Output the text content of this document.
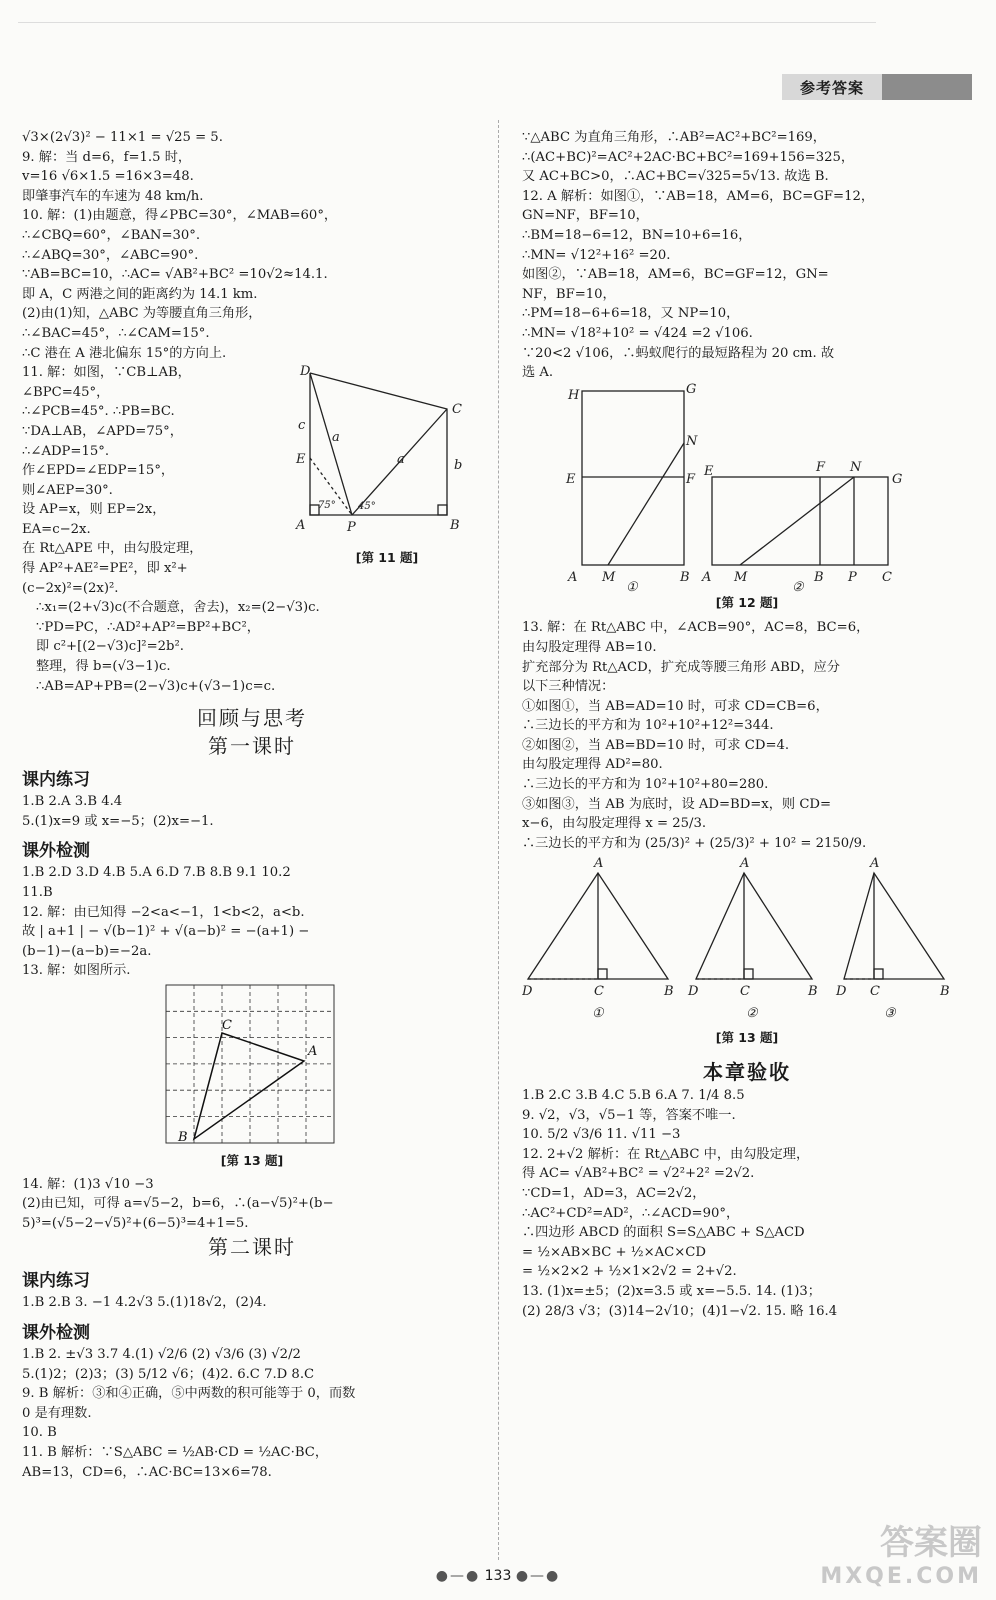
参考答案
√3×(2√3)² − 11×1 = √25 = 5.
9. 解：当 d=6，f=1.5 时，
v=16 √6×1.5 =16×3=48.
即肇事汽车的车速为 48 km/h.
10. 解：(1)由题意，得∠PBC=30°，∠MAB=60°，
∴∠CBQ=60°，∠BAN=30°.
∴∠ABQ=30°，∠ABC=90°.
∵AB=BC=10，∴AC= √AB²+BC² =10√2≈14.1.
即 A，C 两港之间的距离约为 14.1 km.
(2)由(1)知，△ABC 为等腰直角三角形，
∴∠BAC=45°，∴∠CAM=15°.
∴C 港在 A 港北偏东 15°的方向上.
11. 解：如图，∵CB⊥AB，
∠BPC=45°，
∴∠PCB=45°. ∴PB=BC.
∵DA⊥AB，∠APD=75°，
∴∠ADP=15°.
作∠EPD=∠EDP=15°，
则∠AEP=30°.
设 AP=x，则 EP=2x，
EA=c−2x.
在 Rt△APE 中，由勾股定理，
得 AP²+AE²=PE²，即 x²+
(c−2x)²=(2x)².
D
C
c
a
a	b
E
75° 45°
A	P	B
[第 11 题]
∴x₁=(2+√3)c(不合题意，舍去)，x₂=(2−√3)c.
∵PD=PC，∴AD²+AP²=BP²+BC²，
即 c²+[(2−√3)c]²=2b².
整理，得 b=(√3−1)c.
∴AB=AP+PB=(2−√3)c+(√3−1)c=c.
回顾与思考
第一课时
课内练习
1.B 2.A 3.B 4.4
5.(1)x=9 或 x=−5；(2)x=−1.
课外检测
1.B 2.D 3.D 4.B 5.A 6.D 7.B 8.B 9.1 10.2
11.B
12. 解：由已知得 −2<a<−1，1<b<2，a<b.
故 | a+1 | − √(b−1)² + √(a−b)² = −(a+1) −
(b−1)−(a−b)=−2a.
13. 解：如图所示.
C
A
B
[第 13 题]
14. 解：(1)3 √10 −3
(2)由已知，可得 a=√5−2，b=6，∴(a−√5)²+(b−
5)³=(√5−2−√5)²+(6−5)³=4+1=5.
第二课时
课内练习
1.B 2.B 3. −1 4.2√3 5.(1)18√2，(2)4.
课外检测
1.B 2. ±√3 3.7 4.(1) √2/6 (2) √3/6 (3) √2/2
5.(1)2；(2)3；(3) 5/12 √6；(4)2. 6.C 7.D 8.C
9. B 解析：③和④正确，⑤中两数的积可能等于 0，而数
0 是有理数.
10. B
11. B 解析：∵S△ABC = ½AB·CD = ½AC·BC，
AB=13，CD=6，∴AC·BC=13×6=78.
∵△ABC 为直角三角形，∴AB²=AC²+BC²=169，
∴(AC+BC)²=AC²+2AC·BC+BC²=169+156=325，
又 AC+BC>0，∴AC+BC=√325=5√13. 故选 B.
12. A 解析：如图①，∵AB=18，AM=6，BC=GF=12，
GN=NF，BF=10，
∴BM=18−6=12，BN=10+6=16，
∴MN= √12²+16² =20.
如图②，∵AB=18，AM=6，BC=GF=12，GN=
NF，BF=10，
∴PM=18−6+6=18，又 NP=10，
∴MN= √18²+10² = √424 =2 √106.
∵20<2 √106，∴蚂蚁爬行的最短路程为 20 cm. 故
选 A.
H	G
N
E	F
A M	B
①
E	F N
G
A M	B P C
②
[第 12 题]
13. 解：在 Rt△ABC 中，∠ACB=90°，AC=8，BC=6，
由勾股定理得 AB=10.
扩充部分为 Rt△ACD，扩充成等腰三角形 ABD，应分
以下三种情况：
①如图①，当 AB=AD=10 时，可求 CD=CB=6，
∴三边长的平方和为 10²+10²+12²=344.
②如图②，当 AB=BD=10 时，可求 CD=4.
由勾股定理得 AD²=80.
∴三边长的平方和为 10²+10²+80=280.
③如图③，当 AB 为底时，设 AD=BD=x，则 CD=
x−6，由勾股定理得 x = 25/3.
∴三边长的平方和为 (25/3)² + (25/3)² + 10² = 2150/9.
A
D	C	B
①
A
D	C	B
②
A
D C	B
③
[第 13 题]
本章验收
1.B 2.C 3.B 4.C 5.B 6.A 7. 1/4 8.5
9. √2，√3，√5−1 等，答案不唯一.
10. 5/2 √3/6 11. √11 −3
12. 2+√2 解析：在 Rt△ABC 中，由勾股定理，
得 AC= √AB²+BC² = √2²+2² =2√2.
∵CD=1，AD=3，AC=2√2，
∴AC²+CD²=AD²，∴∠ACD=90°，
∴四边形 ABCD 的面积 S=S△ABC + S△ACD
= ½×AB×BC + ½×AC×CD
= ½×2×2 + ½×1×2√2 = 2+√2.
13. (1)x=±5；(2)x=3.5 或 x=−5.5. 14. (1)3；
(2) 28/3 √3；(3)14−2√10；(4)1−√2. 15. 略 16.4
●—● 133 ●—●
答案圈
MXQE.COM
